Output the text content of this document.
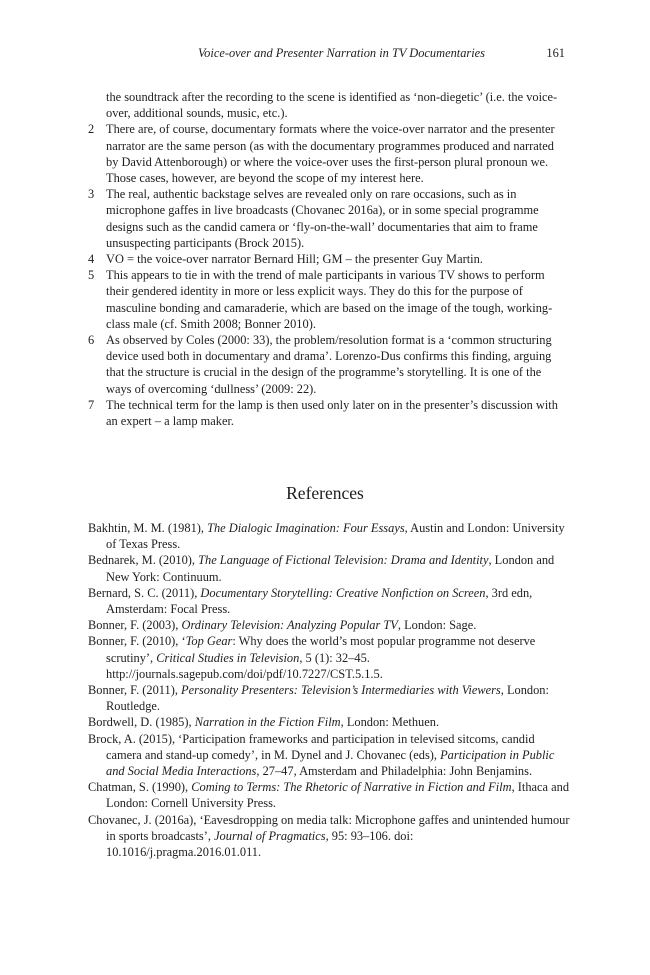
Voice-over and Presenter Narration in TV Documentaries	161
the soundtrack after the recording to the scene is identified as ‘non-diegetic’ (i.e. the voice-over, additional sounds, music, etc.).
2 There are, of course, documentary formats where the voice-over narrator and the presenter narrator are the same person (as with the documentary programmes produced and narrated by David Attenborough) or where the voice-over uses the first-person plural pronoun we. Those cases, however, are beyond the scope of my interest here.
3 The real, authentic backstage selves are revealed only on rare occasions, such as in microphone gaffes in live broadcasts (Chovanec 2016a), or in some special programme designs such as the candid camera or ‘fly-on-the-wall’ documentaries that aim to frame unsuspecting participants (Brock 2015).
4 VO = the voice-over narrator Bernard Hill; GM – the presenter Guy Martin.
5 This appears to tie in with the trend of male participants in various TV shows to perform their gendered identity in more or less explicit ways. They do this for the purpose of masculine bonding and camaraderie, which are based on the image of the tough, working-class male (cf. Smith 2008; Bonner 2010).
6 As observed by Coles (2000: 33), the problem/resolution format is a ‘common structuring device used both in documentary and drama’. Lorenzo-Dus confirms this finding, arguing that the structure is crucial in the design of the programme’s storytelling. It is one of the ways of overcoming ‘dullness’ (2009: 22).
7 The technical term for the lamp is then used only later on in the presenter’s discussion with an expert – a lamp maker.
References
Bakhtin, M. M. (1981), The Dialogic Imagination: Four Essays, Austin and London: University of Texas Press.
Bednarek, M. (2010), The Language of Fictional Television: Drama and Identity, London and New York: Continuum.
Bernard, S. C. (2011), Documentary Storytelling: Creative Nonfiction on Screen, 3rd edn, Amsterdam: Focal Press.
Bonner, F. (2003), Ordinary Television: Analyzing Popular TV, London: Sage.
Bonner, F. (2010), ‘Top Gear: Why does the world’s most popular programme not deserve scrutiny’, Critical Studies in Television, 5 (1): 32–45. http://journals.sagepub.com/doi/pdf/10.7227/CST.5.1.5.
Bonner, F. (2011), Personality Presenters: Television’s Intermediaries with Viewers, London: Routledge.
Bordwell, D. (1985), Narration in the Fiction Film, London: Methuen.
Brock, A. (2015), ‘Participation frameworks and participation in televised sitcoms, candid camera and stand-up comedy’, in M. Dynel and J. Chovanec (eds), Participation in Public and Social Media Interactions, 27–47, Amsterdam and Philadelphia: John Benjamins.
Chatman, S. (1990), Coming to Terms: The Rhetoric of Narrative in Fiction and Film, Ithaca and London: Cornell University Press.
Chovanec, J. (2016a), ‘Eavesdropping on media talk: Microphone gaffes and unintended humour in sports broadcasts’, Journal of Pragmatics, 95: 93–106. doi: 10.1016/j.pragma.2016.01.011.
